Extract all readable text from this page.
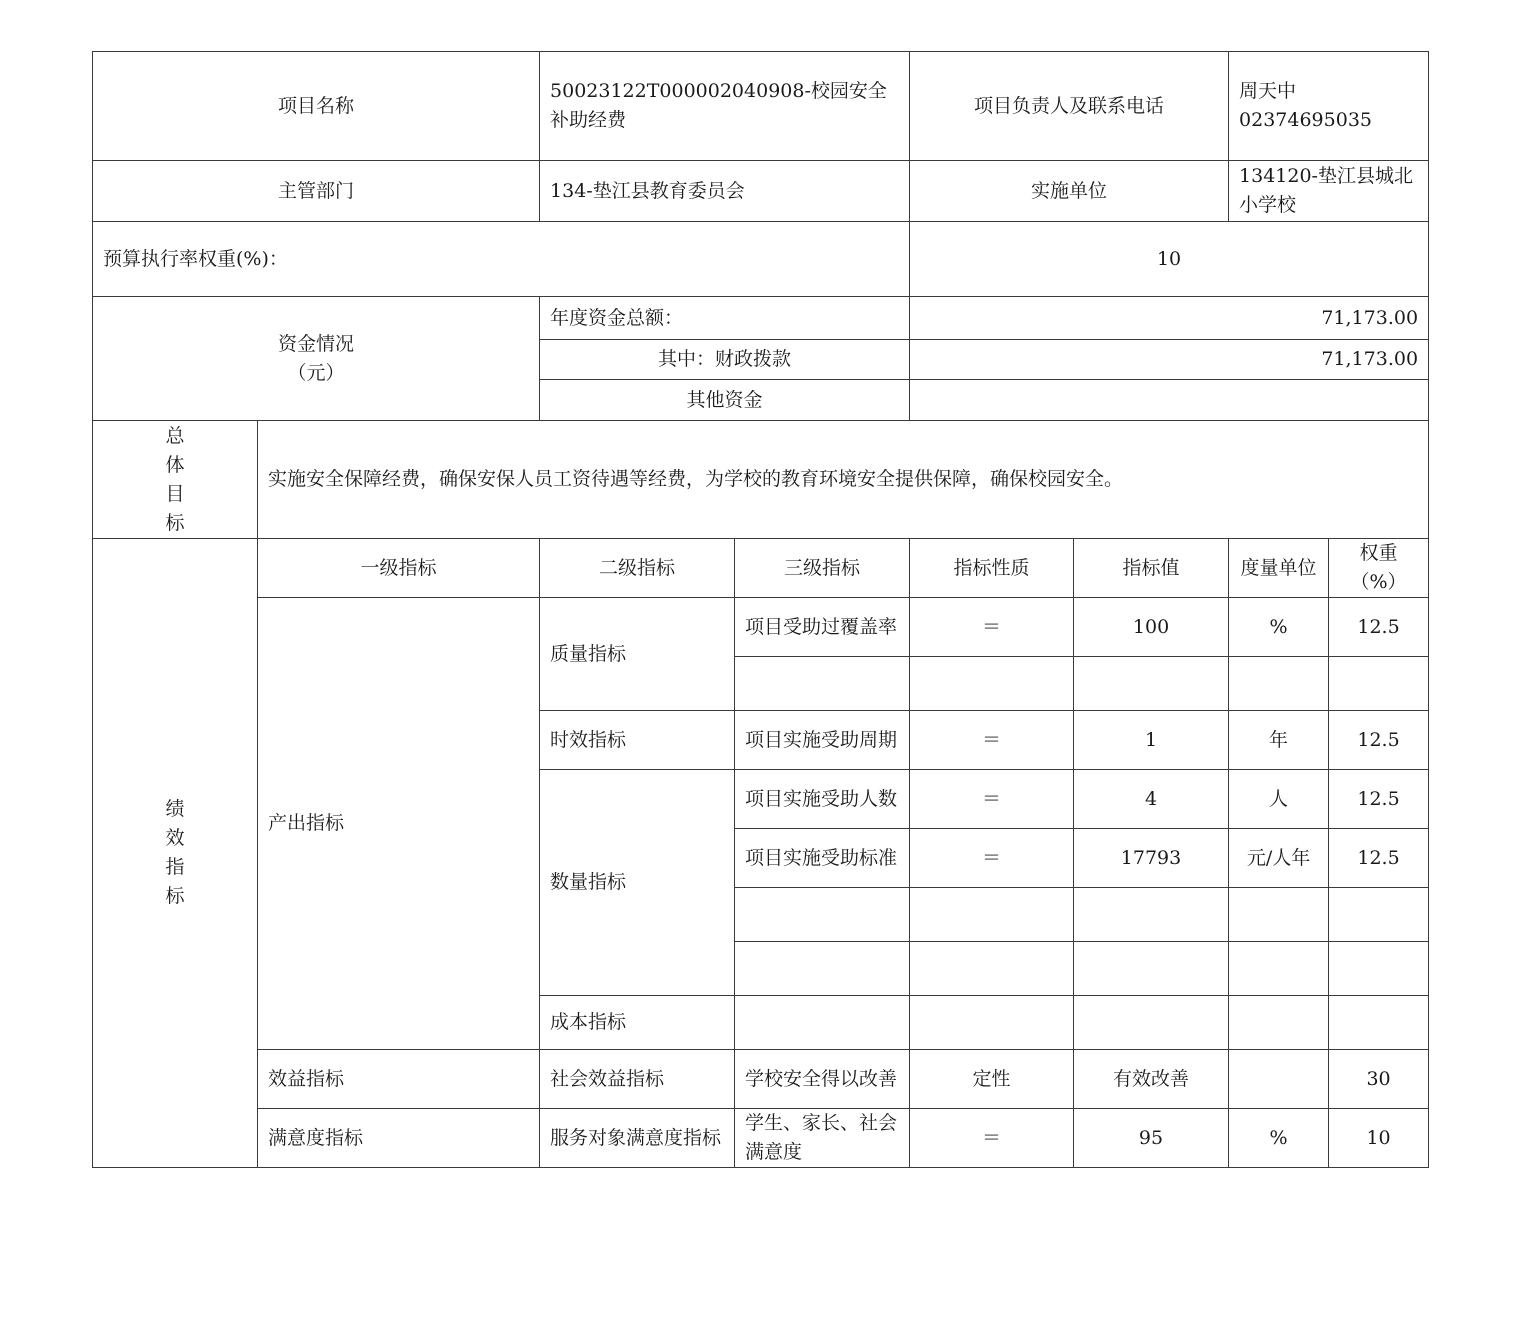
项目名称		50023122T000002040908-校园安全补助经费		项目负责人及联系电话		周天中 02374695035	
主管部门		134-垫江县教育委员会		实施单位		134120-垫江县城北小学校	
预算执行率权重(%)：				10			

资金情况
（元）		年度资金总额：		71,173.00			
		其中：财政拨款		71,173.00			
		其他资金					

总
体
目
标	实施安全保障经费，确保安保人员工资待遇等经费，为学校的教育环境安全提供保障，确保校园安全。						

绩
效
指
标	一级指标	二级指标	三级指标	指标性质	指标值	度量单位	权重（%）
	产出指标	质量指标	项目受助过覆盖率	＝	100	%	12.5

		时效指标	项目实施受助周期	＝	1	年	12.5
		数量指标	项目实施受助人数	＝	4	人	12.5
			项目实施受助标准	＝	17793	元/人年	12.5

		成本指标					
	效益指标	社会效益指标	学校安全得以改善	定性	有效改善		30
	满意度指标	服务对象满意度指标	学生、家长、社会满意度	＝	95	%	10
